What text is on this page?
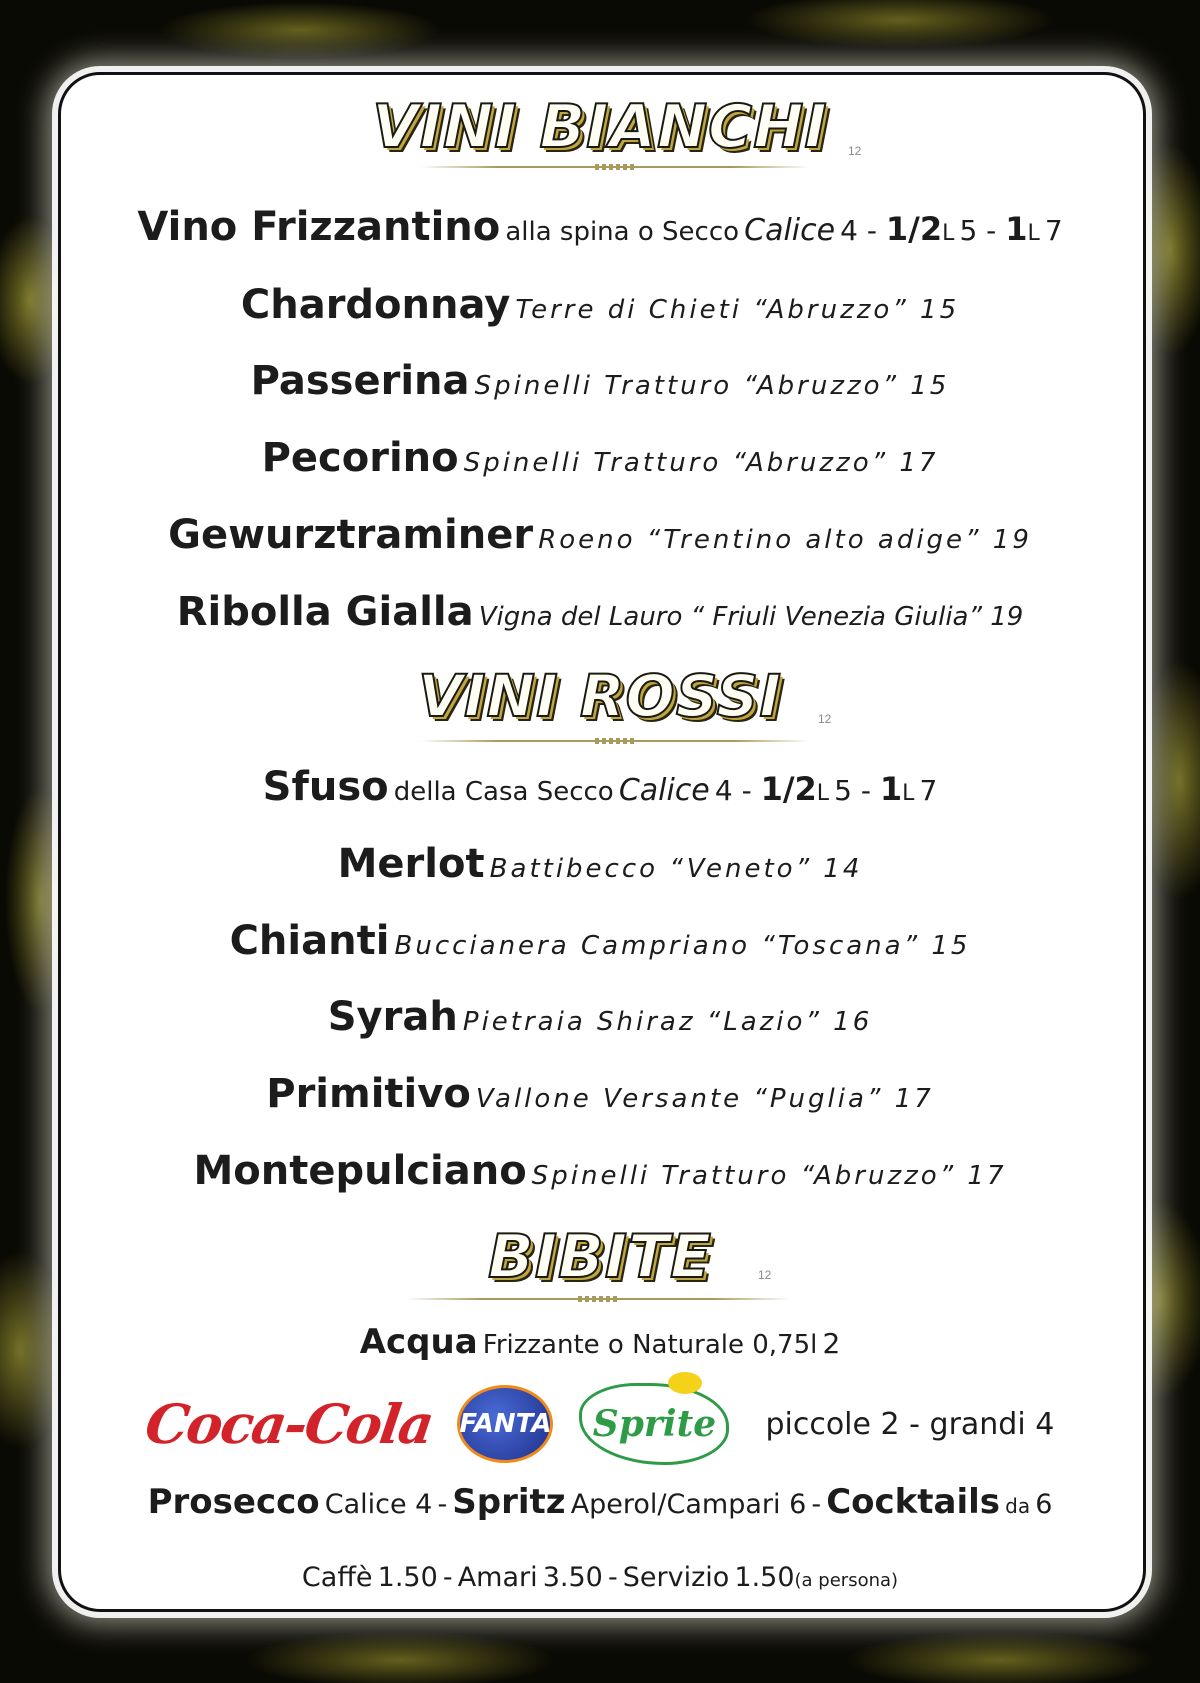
VINI BIANCHI	12
Vino Frizzantino alla spina o Secco Calice 4 - 1/2L 5 - 1L 7
Chardonnay Terre di Chieti “Abruzzo” 15
Passerina Spinelli Tratturo “Abruzzo” 15
Pecorino Spinelli Tratturo “Abruzzo” 17
Gewurztraminer Roeno “Trentino alto adige” 19
Ribolla Gialla Vigna del Lauro “ Friuli Venezia Giulia” 19
VINI ROSSI	12
Sfuso della Casa Secco Calice 4 - 1/2L 5 - 1L 7
Merlot Battibecco “Veneto” 14
Chianti Buccianera Campriano “Toscana” 15
Syrah Pietraia Shiraz “Lazio” 16
Primitivo Vallone Versante “Puglia” 17
Montepulciano Spinelli Tratturo “Abruzzo” 17
BIBITE	12
Acqua Frizzante o Naturale 0,75l 2
Coca-Cola FANTA	Sprite	piccole 2 - grandi 4
Prosecco Calice 4 - Spritz Aperol/Campari 6 - Cocktails da 6
Caffè 1.50 - Amari 3.50 - Servizio 1.50(a persona)
